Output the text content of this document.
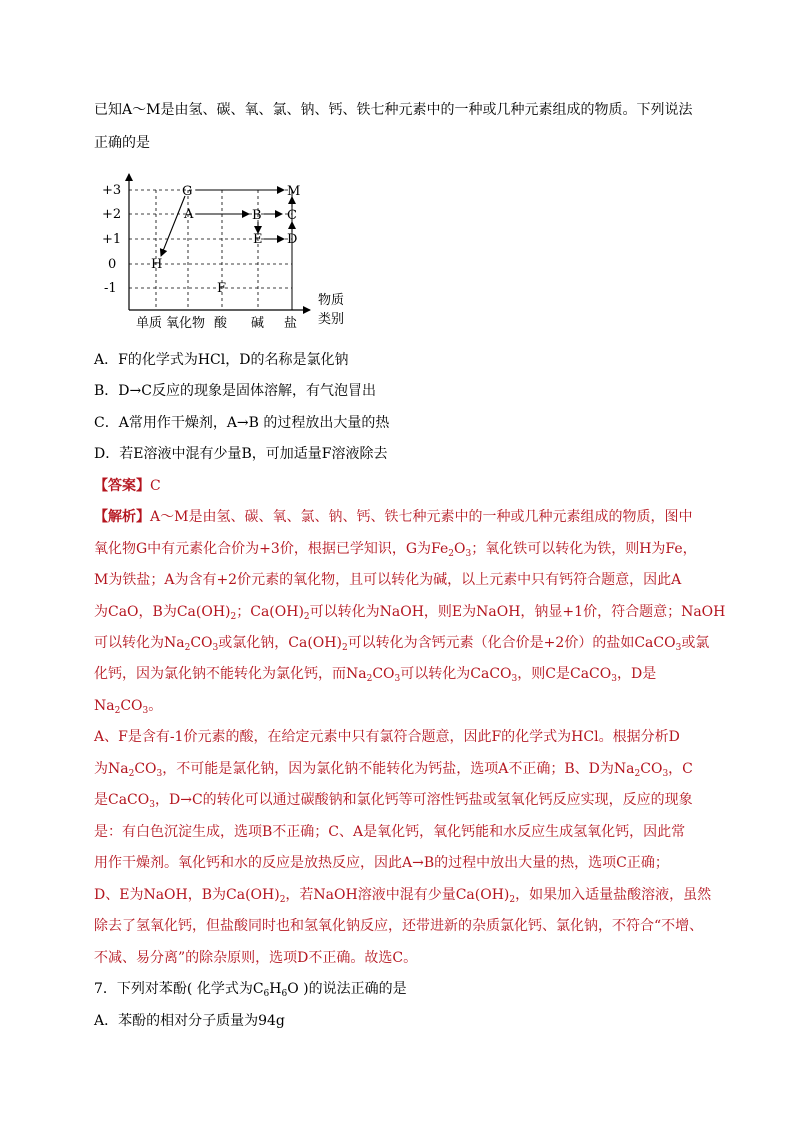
已知A～M是由氢、碳、氧、氯、钠、钙、铁七种元素中的一种或几种元素组成的物质。下列说法
正确的是
+3
+2
+1
0
-1
单质 氧化物 酸 碱 盐
物质
类别
G	M
A	B C
E D
H
F
A．F的化学式为HCl，D的名称是氯化钠
B．D→C反应的现象是固体溶解，有气泡冒出
C．A常用作干燥剂，A→B 的过程放出大量的热
D．若E溶液中混有少量B，可加适量F溶液除去
【答案】C
【解析】A～M是由氢、碳、氧、氯、钠、钙、铁七种元素中的一种或几种元素组成的物质，图中
氧化物G中有元素化合价为+3价，根据已学知识，G为$Fe_2O_3$；氧化铁可以转化为铁，则H为Fe，
M为铁盐；A为含有+2价元素的氧化物，且可以转化为碱，以上元素中只有钙符合题意，因此A
为CaO，B为$Ca(OH)_2$；$Ca(OH)_2$可以转化为NaOH，则E为NaOH，钠显+1价，符合题意；NaOH
可以转化为$Na_2CO_3$或氯化钠，$Ca(OH)_2$可以转化为含钙元素（化合价是+2价）的盐如CaCO$_3$或氯
化钙，因为氯化钠不能转化为氯化钙，而$Na_2CO_3$可以转化为CaCO$_3$，则C是CaCO$_3$，D是
$Na_2CO_3$。
A、F是含有-1价元素的酸，在给定元素中只有氯符合题意，因此F的化学式为HCl。根据分析D
为$Na_2CO_3$，不可能是氯化钠，因为氯化钠不能转化为钙盐，选项A不正确；B、D为$Na_2CO_3$，C
是CaCO$_3$，D→C的转化可以通过碳酸钠和氯化钙等可溶性钙盐或氢氧化钙反应实现，反应的现象
是：有白色沉淀生成，选项B不正确；C、A是氧化钙，氧化钙能和水反应生成氢氧化钙，因此常
用作干燥剂。氧化钙和水的反应是放热反应，因此A→B的过程中放出大量的热，选项C正确；
D、E为NaOH，B为$Ca(OH)_2$，若NaOH溶液中混有少量$Ca(OH)_2$，如果加入适量盐酸溶液，虽然
除去了氢氧化钙，但盐酸同时也和氢氧化钠反应，还带进新的杂质氯化钙、氯化钠，不符合“不增、
不减、易分离”的除杂原则，选项D不正确。故选C。
7．下列对苯酚( 化学式为$C_6H_6O$ )的说法正确的是
A．苯酚的相对分子质量为94g
